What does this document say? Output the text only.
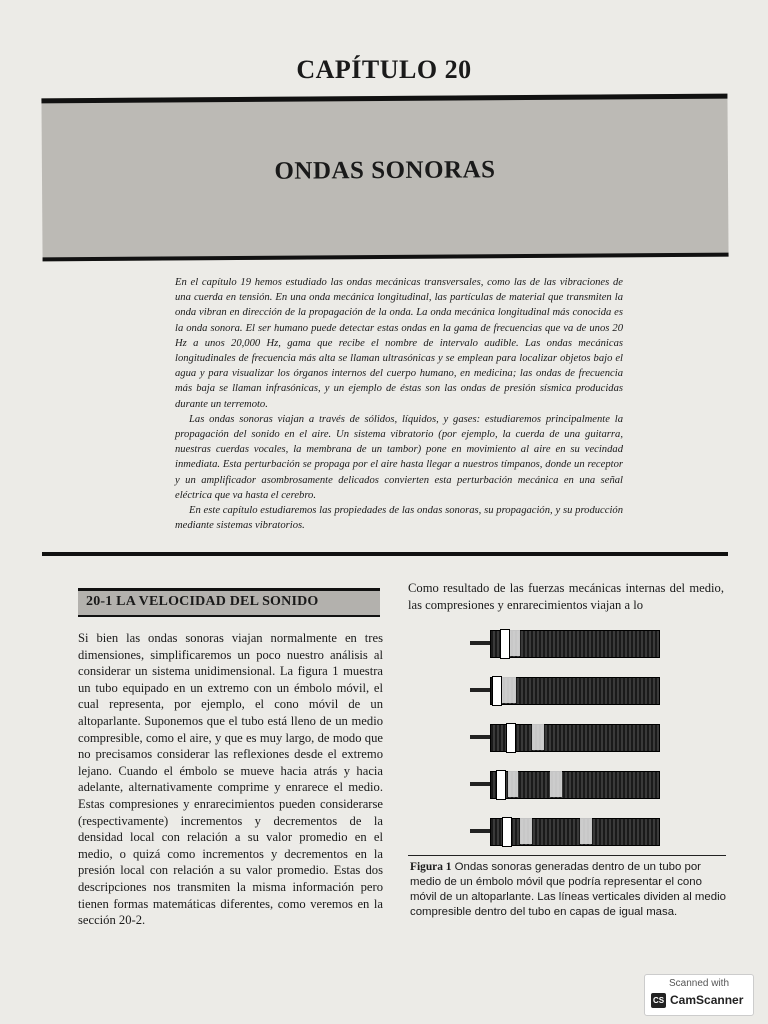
CAPÍTULO 20
ONDAS SONORAS

En el capítulo 19 hemos estudiado las ondas mecánicas transversales, como las de las vibraciones de una cuerda en tensión. En una onda mecánica longitudinal, las partículas de material que transmiten la onda vibran en dirección de la propagación de la onda. La onda mecánica longitudinal más conocida es la onda sonora. El ser humano puede detectar estas ondas en la gama de frecuencias que va de unos 20 Hz a unos 20,000 Hz, gama que recibe el nombre de intervalo audible. Las ondas mecánicas longitudinales de frecuencia más alta se llaman ultrasónicas y se emplean para localizar objetos bajo el agua y para visualizar los órganos internos del cuerpo humano, en medicina; las ondas de frecuencia más baja se llaman infrasónicas, y un ejemplo de éstas son las ondas de presión sísmica producidas durante un terremoto.

Las ondas sonoras viajan a través de sólidos, líquidos, y gases: estudiaremos principalmente la propagación del sonido en el aire. Un sistema vibratorio (por ejemplo, la cuerda de una guitarra, nuestras cuerdas vocales, la membrana de un tambor) pone en movimiento al aire en su vecindad inmediata. Esta perturbación se propaga por el aire hasta llegar a nuestros tímpanos, donde un receptor y un amplificador asombrosamente delicados convierten esta perturbación mecánica en una señal eléctrica que va hasta el cerebro.

En este capítulo estudiaremos las propiedades de las ondas sonoras, su propagación, y su producción mediante sistemas vibratorios.

20-1 LA VELOCIDAD DEL SONIDO
Si bien las ondas sonoras viajan normalmente en tres dimensiones, simplificaremos un poco nuestro análisis al considerar un sistema unidimensional. La figura 1 muestra un tubo equipado en un extremo con un émbolo móvil, el cual representa, por ejemplo, el cono móvil de un altoparlante. Suponemos que el tubo está lleno de un medio compresible, como el aire, y que es muy largo, de modo que no precisamos considerar las reflexiones desde el extremo lejano. Cuando el émbolo se mueve hacia atrás y hacia adelante, alternativamente comprime y enrarece el medio. Estas compresiones y enrarecimientos pueden considerarse (respectivamente) incrementos y decrementos de la densidad local con relación a su valor promedio en el medio, o quizá como incrementos y decrementos en la presión local con relación a su valor promedio. Estas dos descripciones nos transmiten la misma información pero tienen formas matemáticas diferentes, como veremos en la sección 20-2.
Como resultado de las fuerzas mecánicas internas del medio, las compresiones y enrarecimientos viajan a lo
Figura 1 Ondas sonoras generadas dentro de un tubo por medio de un émbolo móvil que podría representar el cono móvil de un altoparlante. Las líneas verticales dividen al medio compresible dentro del tubo en capas de igual masa.
Scanned with
CS CamScanner
